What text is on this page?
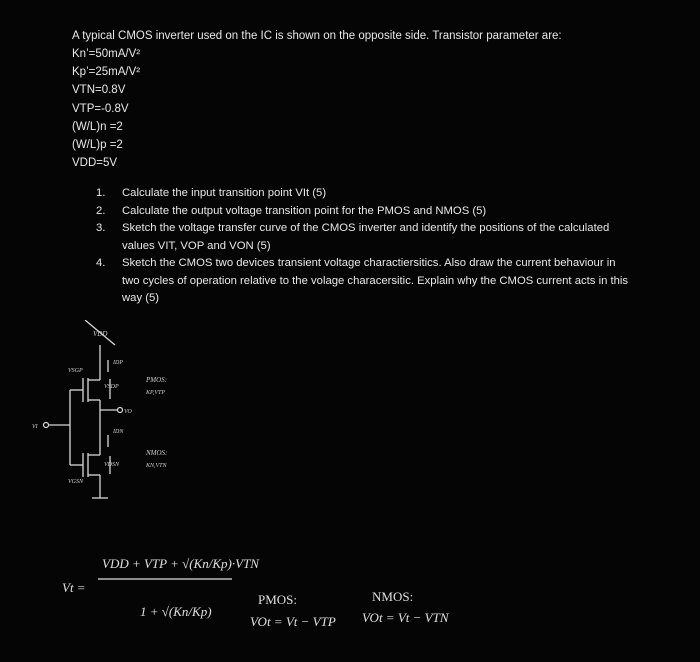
A typical CMOS inverter used on the IC is shown on the opposite side. Transistor parameter are:
Kn’=50mA/V²
Kp’=25mA/V²
VTN=0.8V
VTP=-0.8V
(W/L)n =2
(W/L)p =2
VDD=5V
1. Calculate the input transition point VIt (5)
2. Calculate the output voltage transition point for the PMOS and NMOS (5)
3. Sketch the voltage transfer curve of the CMOS inverter and identify the positions of the calculated values VIT, VOP and VON (5)
4. Sketch the CMOS two devices transient voltage charactiersitics. Also draw the current behaviour in two cycles of operation relative to the volage characersitic. Explain why the CMOS current acts in this way (5)
VDD
IDP
VSGP
VSDP
PMOS:
KP,VTP
VO
VI
IDN
NMOS:
KN,VTN
VDSN
VGSN
Vt =
VDD + VTP + √(Kn/Kp)·VTN
1 + √(Kn/Kp)
PMOS:
VOt = Vt − VTP
NMOS:
VOt = Vt − VTN
